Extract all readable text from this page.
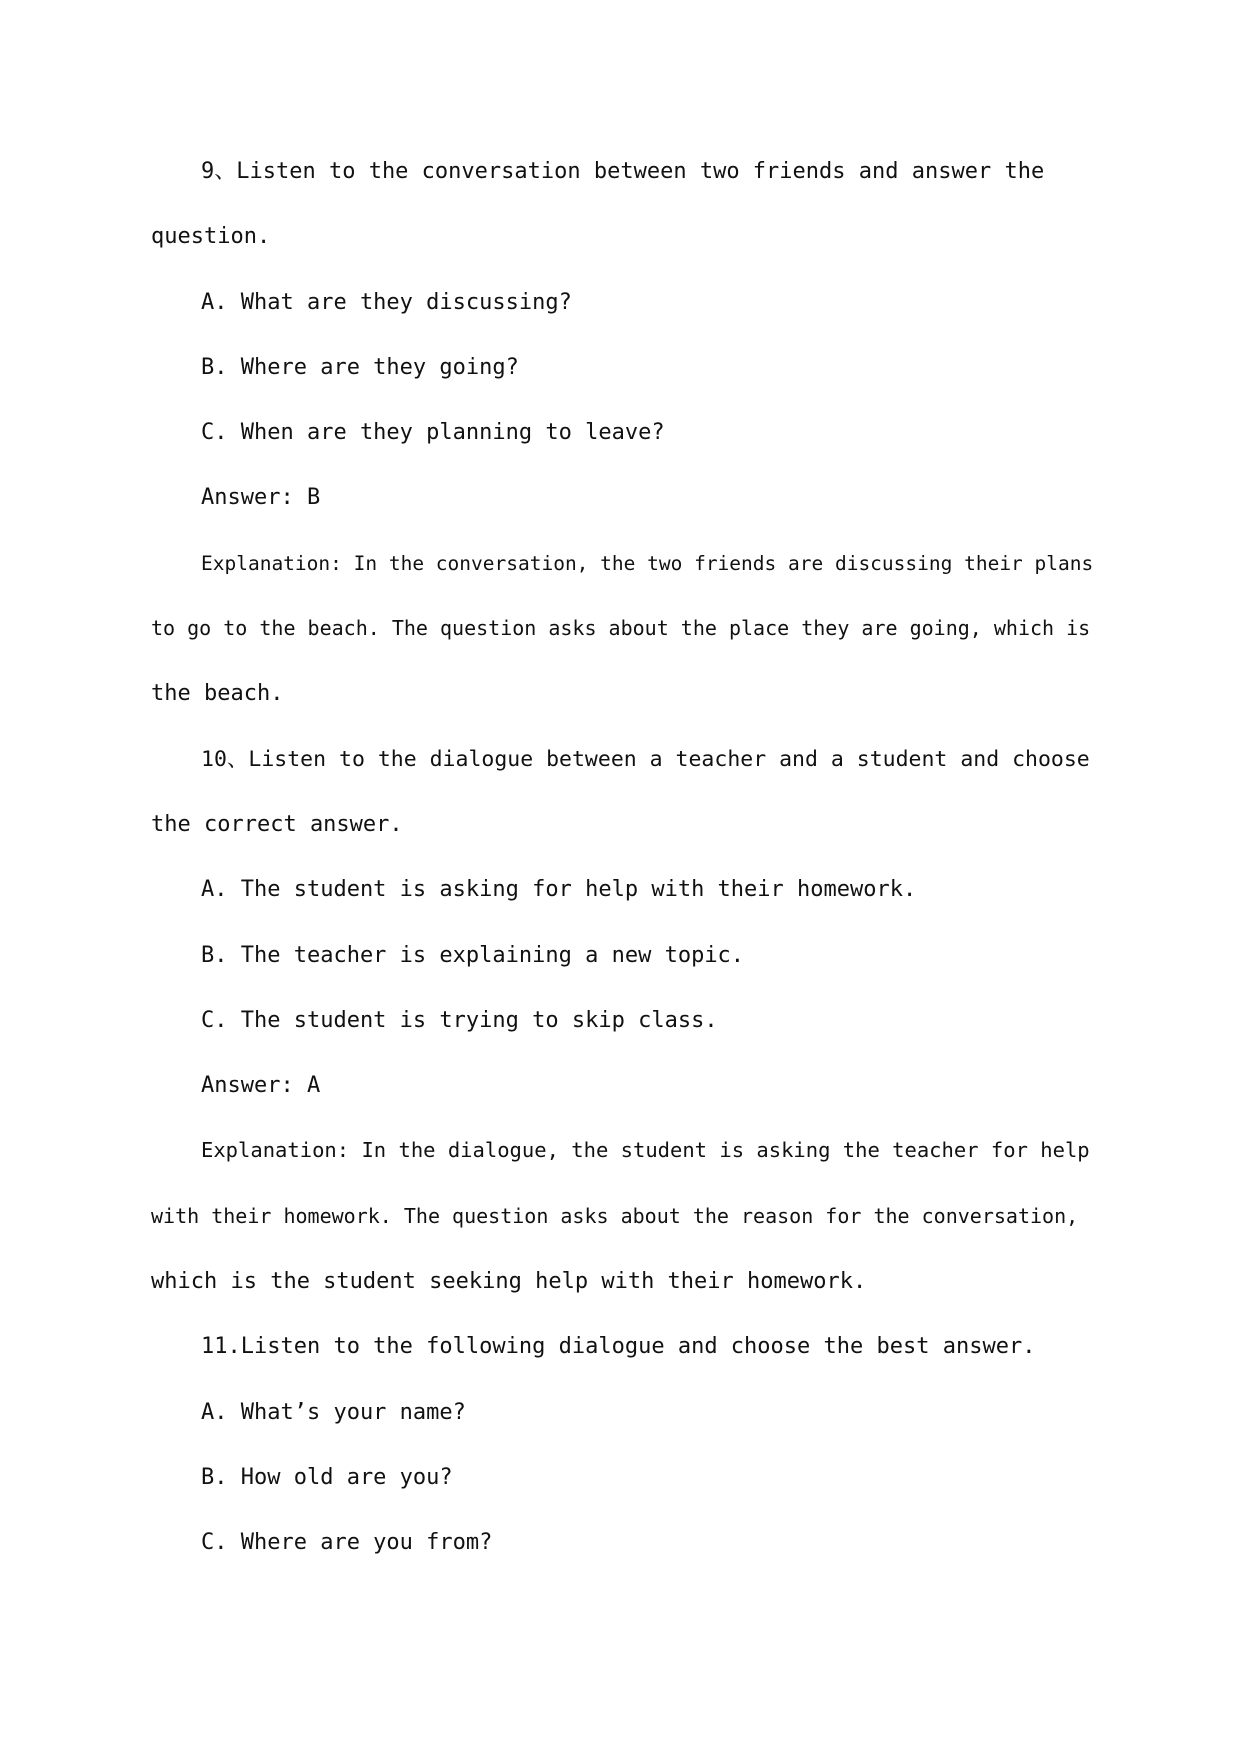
9、Listen to the conversation between two friends and answer the

question.

A. What are they discussing?

B. Where are they going?

C. When are they planning to leave?

Answer: B

Explanation: In the conversation, the two friends are discussing their plans

to go to the beach. The question asks about the place they are going, which is

the beach.

10、Listen to the dialogue between a teacher and a student and choose

the correct answer.

A. The student is asking for help with their homework.

B. The teacher is explaining a new topic.

C. The student is trying to skip class.

Answer: A

Explanation: In the dialogue, the student is asking the teacher for help

with their homework. The question asks about the reason for the conversation,

which is the student seeking help with their homework.

11.Listen to the following dialogue and choose the best answer.

A. What’s your name?

B. How old are you?

C. Where are you from?
